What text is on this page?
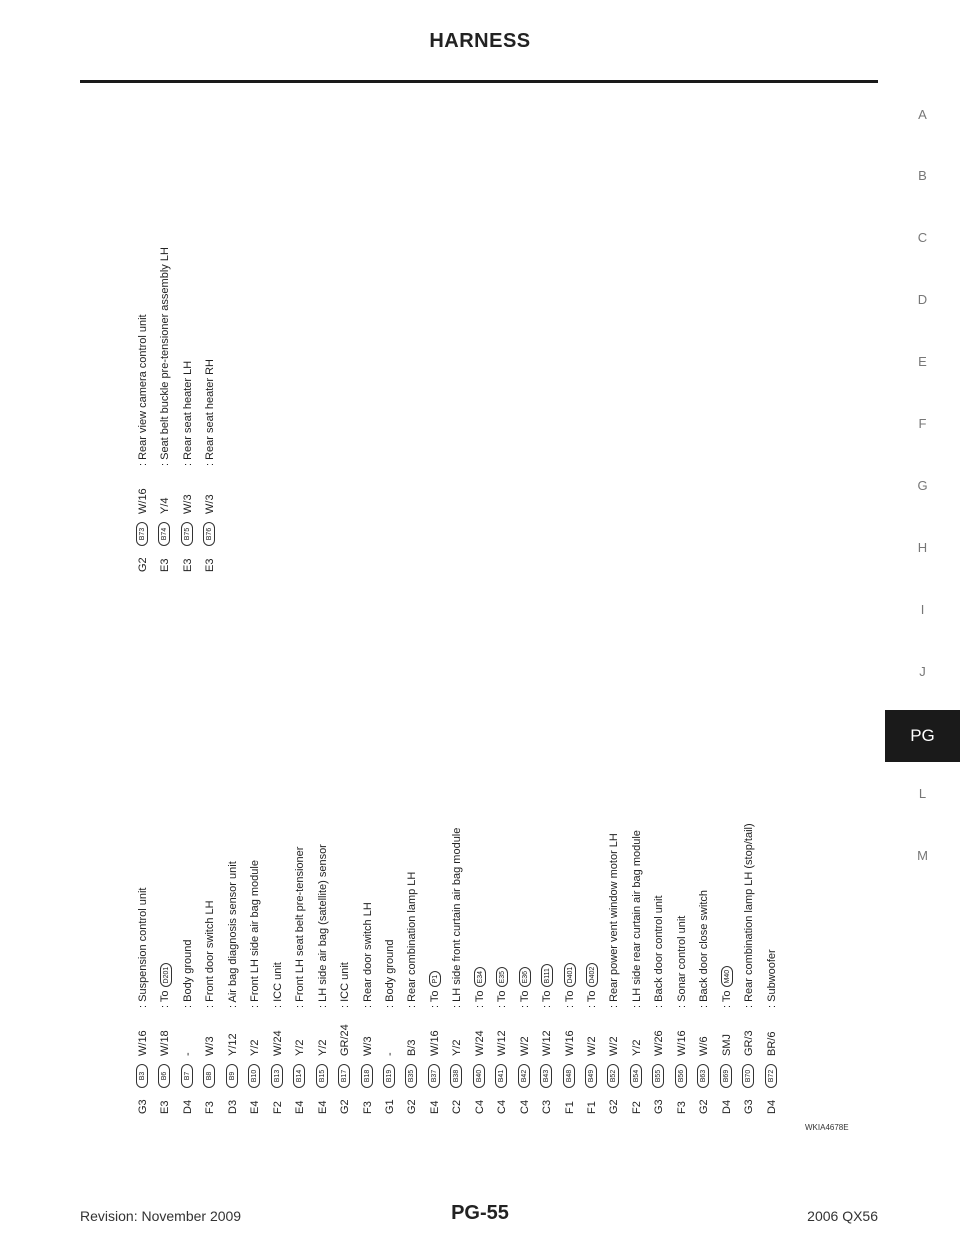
HARNESS
A
B
C
D
E
F
G
H
I
J
PG
L
M
G3
B3
W/16
: Suspension control unit
E3
B6
W/18
: ToD201
D4
B7
-
: Body ground
F3
B8
W/3
: Front door switch LH
D3
B9
Y/12
: Air bag diagnosis sensor unit
E4
B10
Y/2
: Front LH side air bag module
F2
B13
W/24
: ICC unit
E4
B14
Y/2
: Front LH seat belt pre-tensioner
E4
B15
Y/2
: LH side air bag (satellite) sensor
G2
B17
GR/24
: ICC unit
F3
B18
W/3
: Rear door switch LH
G1
B19
-
: Body ground
G2
B35
B/3
: Rear combination lamp LH
E4
B37
W/16
: ToP1
C2
B38
Y/2
: LH side front curtain air bag module
C4
B40
W/24
: ToE34
C4
B41
W/12
: ToE35
C4
B42
W/2
: ToE36
C3
B43
W/12
: ToB111
F1
B48
W/16
: ToD401
F1
B49
W/2
: ToD402
G2
B52
W/2
: Rear power vent window motor LH
F2
B54
Y/2
: LH side rear curtain air bag module
G3
B55
W/26
: Back door control unit
F3
B56
W/16
: Sonar control unit
G2
B63
W/6
: Back door close switch
D4
B69
SMJ
: ToM40
G3
B70
GR/3
: Rear combination lamp LH (stop/tail)
D4
B72
BR/6
: Subwoofer
G2
B73
W/16
: Rear view camera control unit
E3
B74
Y/4
: Seat belt buckle pre-tensioner assembly LH
E3
B75
W/3
: Rear seat heater LH
E3
B76
W/3
: Rear seat heater RH
WKIA4678E
Revision: November 2009	PG-55	2006 QX56
